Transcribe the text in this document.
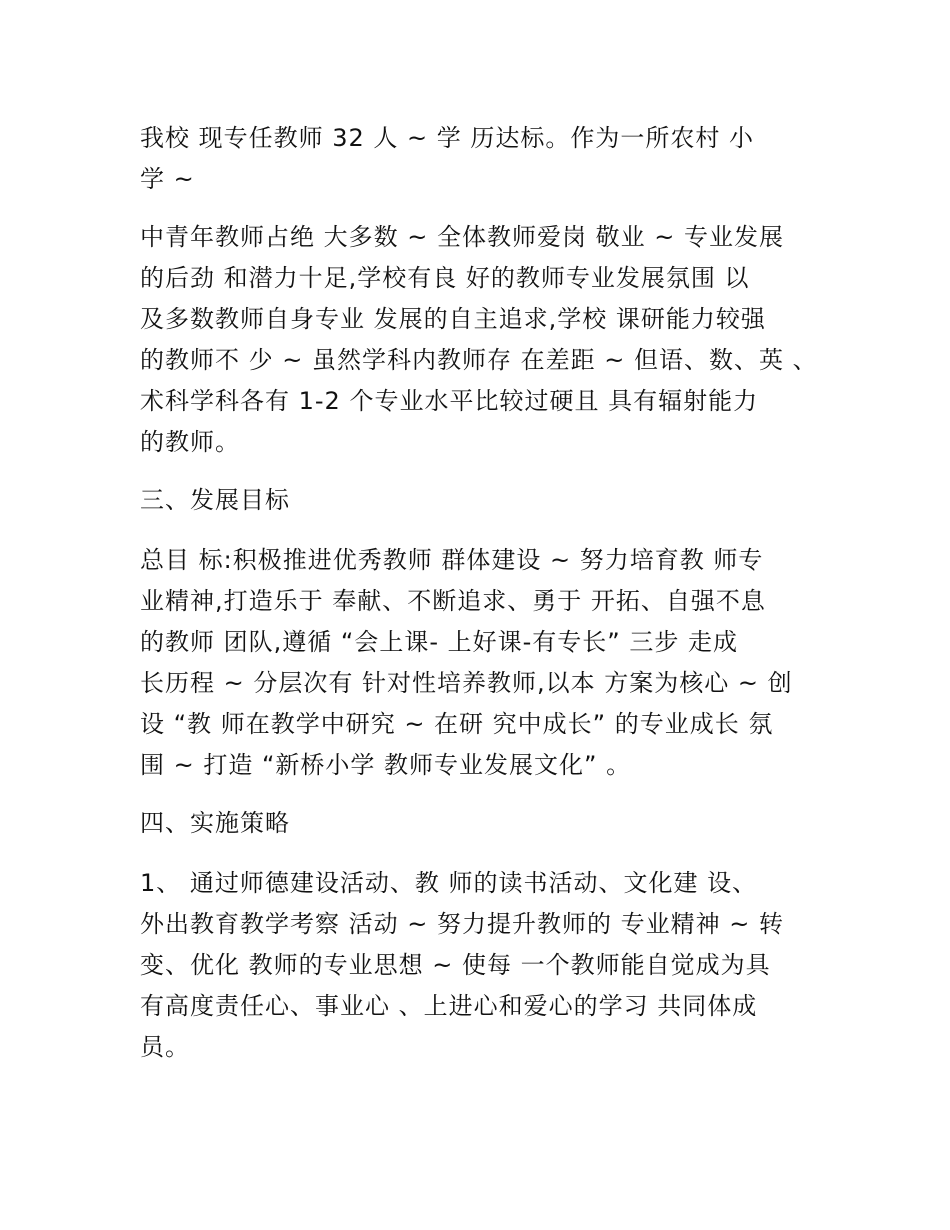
我校 现专任教师 32 人 ~ 学 历达标。作为一所农村 小
学 ~
中青年教师占绝 大多数 ~ 全体教师爱岗 敬业 ~ 专业发展
的后劲 和潜力十足,学校有良 好的教师专业发展氛围 以
及多数教师自身专业 发展的自主追求,学校 课研能力较强
的教师不 少 ~ 虽然学科内教师存 在差距 ~ 但语、数、英 、
术科学科各有 1-2 个专业水平比较过硬且 具有辐射能力
的教师。
三、发展目标
总目 标:积极推进优秀教师 群体建设 ~ 努力培育教 师专
业精神,打造乐于 奉献、不断追求、勇于 开拓、自强不息
的教师 团队,遵循 “会上课- 上好课-有专长” 三步 走成
长历程 ~ 分层次有 针对性培养教师,以本 方案为核心 ~ 创
设 “教 师在教学中研究 ~ 在研 究中成长” 的专业成长 氛
围 ~ 打造 “新桥小学 教师专业发展文化” 。
四、实施策略
1、 通过师德建设活动、教 师的读书活动、文化建 设、
外出教育教学考察 活动 ~ 努力提升教师的 专业精神 ~ 转
变、优化 教师的专业思想 ~ 使每 一个教师能自觉成为具
有高度责任心、事业心 、上进心和爱心的学习 共同体成
员。
